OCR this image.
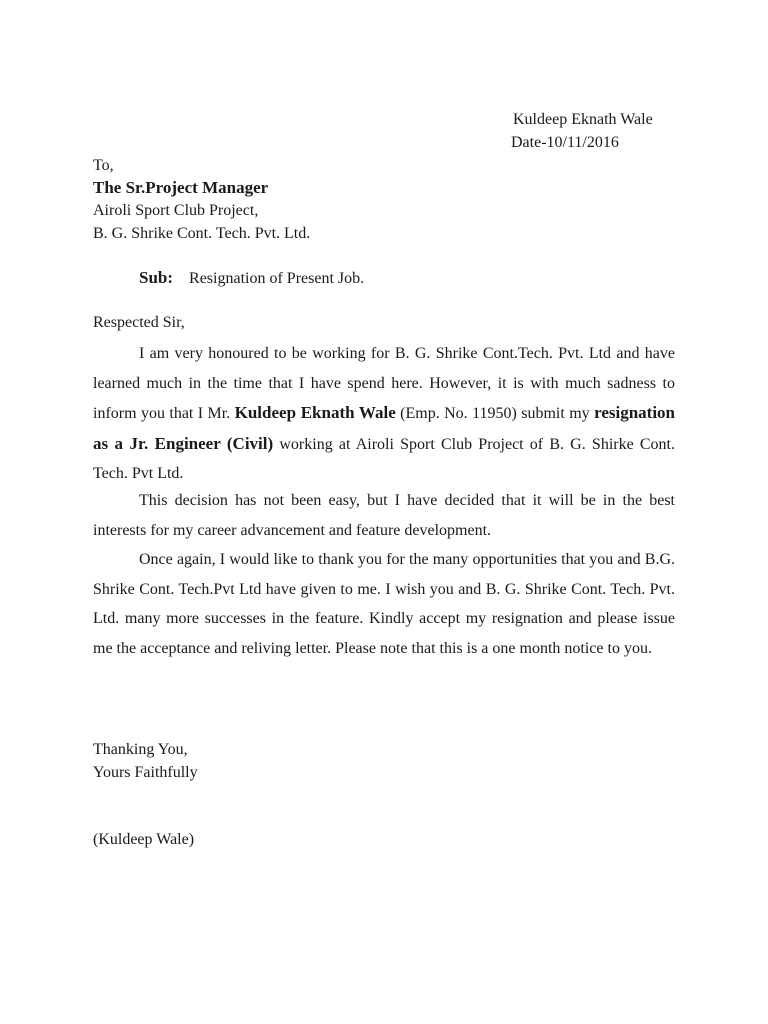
Kuldeep Eknath Wale
Date-10/11/2016
To,
The Sr.Project Manager
Airoli Sport Club Project,
B. G. Shrike Cont. Tech. Pvt. Ltd.
Sub: Resignation of Present Job.
Respected Sir,

I am very honoured to be working for B. G. Shrike Cont.Tech. Pvt. Ltd and have learned much in the time that I have spend here. However, it is with much sadness to inform you that I Mr. Kuldeep Eknath Wale (Emp. No. 11950) submit my resignation as a Jr. Engineer (Civil) working at Airoli Sport Club Project of B. G. Shirke Cont. Tech. Pvt Ltd.

This decision has not been easy, but I have decided that it will be in the best interests for my career advancement and feature development.

Once again, I would like to thank you for the many opportunities that you and B.G. Shrike Cont. Tech.Pvt Ltd have given to me. I wish you and B. G. Shrike Cont. Tech. Pvt. Ltd. many more successes in the feature. Kindly accept my resignation and please issue me the acceptance and reliving letter. Please note that this is a one month notice to you.

Thanking You,
Yours Faithfully
(Kuldeep Wale)
